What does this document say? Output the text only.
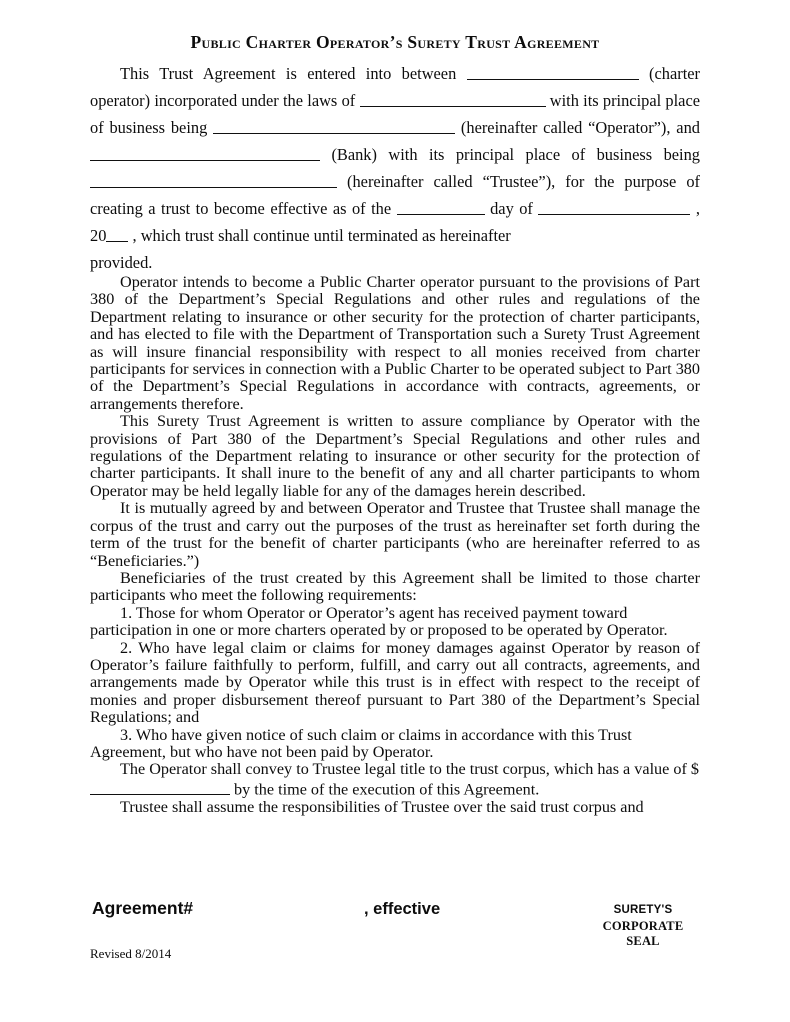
Public Charter Operator’s Surety Trust Agreement
This Trust Agreement is entered into between	(charter operator) incorporated under the laws of	with its principal place of business being	(hereinafter called “Operator”), and  (Bank) with its principal place of business being  (hereinafter called “Trustee”), for the purpose of creating a trust to become effective as of the	day of	, 20 , which trust shall continue until terminated as hereinafter
provided.

Operator intends to become a Public Charter operator pursuant to the provisions of Part 380 of the Department’s Special Regulations and other rules and regulations of the Department relating to insurance or other security for the protection of charter participants, and has elected to file with the Department of Transportation such a Surety Trust Agreement as will insure financial responsibility with respect to all monies received from charter participants for services in connection with a Public Charter to be operated subject to Part 380 of the Department’s Special Regulations in accordance with contracts, agreements, or arrangements therefore.

This Surety Trust Agreement is written to assure compliance by Operator with the provisions of Part 380 of the Department’s Special Regulations and other rules and regulations of the Department relating to insurance or other security for the protection of charter participants. It shall inure to the benefit of any and all charter participants to whom Operator may be held legally liable for any of the damages herein described.

It is mutually agreed by and between Operator and Trustee that Trustee shall manage the corpus of the trust and carry out the purposes of the trust as hereinafter set forth during the term of the trust for the benefit of charter participants (who are hereinafter referred to as “Beneficiaries.”)

Beneficiaries of the trust created by this Agreement shall be limited to those charter participants who meet the following requirements:

1. Those for whom Operator or Operator’s agent has received payment toward participation in one or more charters operated by or proposed to be operated by Operator.

2. Who have legal claim or claims for money damages against Operator by reason of Operator’s failure faithfully to perform, fulfill, and carry out all contracts, agreements, and arrangements made by Operator while this trust is in effect with respect to the receipt of monies and proper disbursement thereof pursuant to Part 380 of the Department’s Special Regulations; and

3. Who have given notice of such claim or claims in accordance with this Trust Agreement, but who have not been paid by Operator.

The Operator shall convey to Trustee legal title to the trust corpus, which has a value of $ by the time of the execution of this Agreement.

Trustee shall assume the responsibilities of Trustee over the said trust corpus and

Agreement#	, effective	SURETY'S
CORPORATE
SEAL
Revised 8/2014
